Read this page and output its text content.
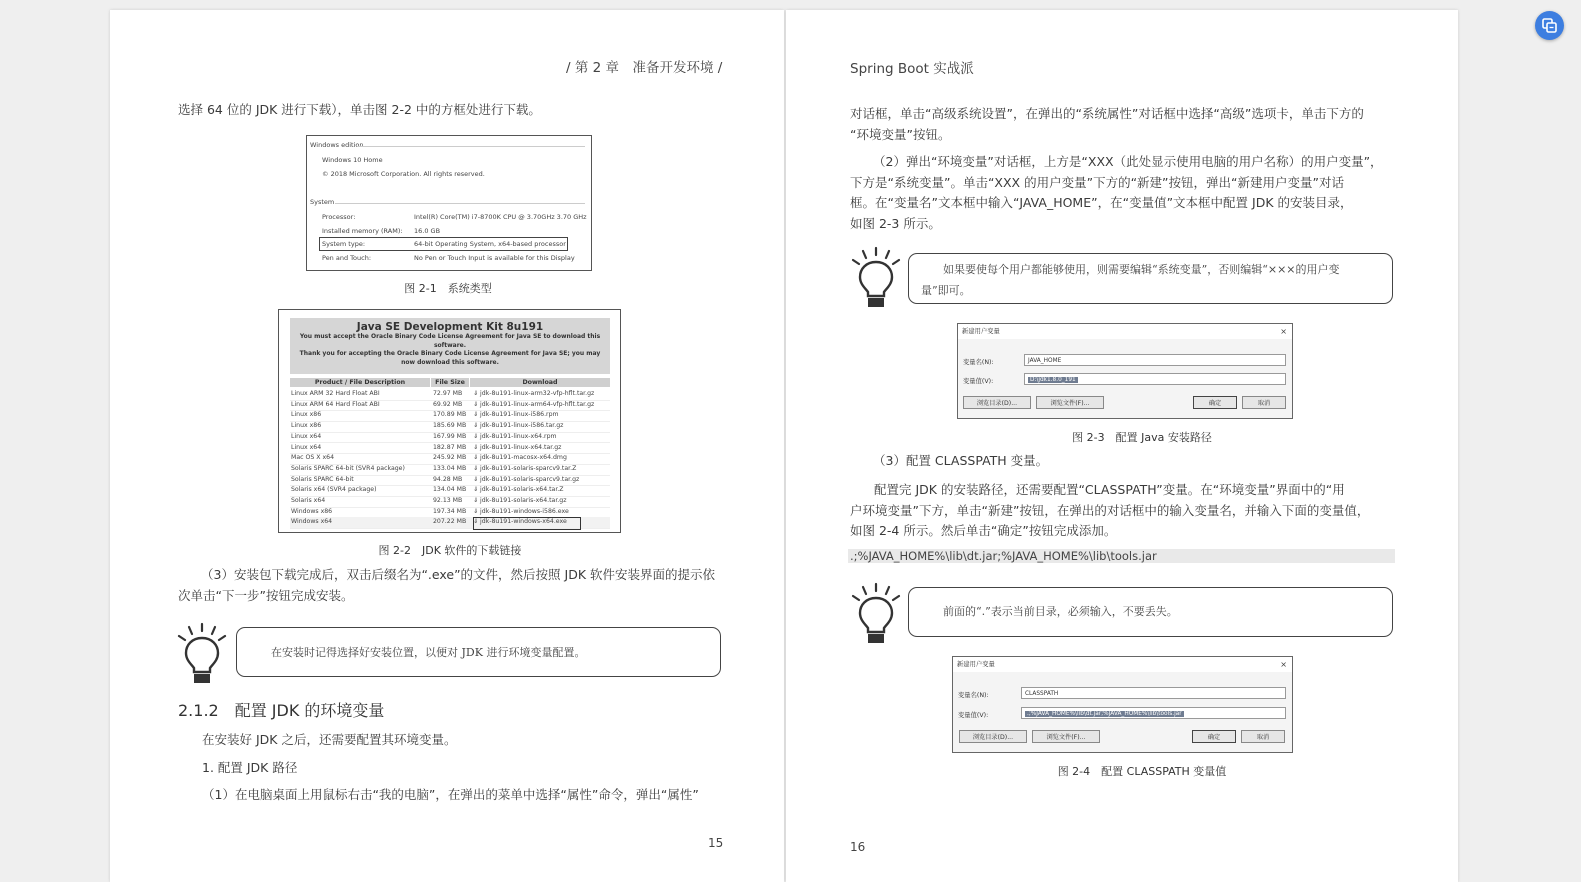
/ 第 2 章　准备开发环境 /
选择 64 位的 JDK 进行下载），单击图 2-2 中的方框处进行下载。
Windows edition
Windows 10 Home
© 2018 Microsoft Corporation. All rights reserved.
System
Processor:	Intel(R) Core(TM) i7-8700K CPU @ 3.70GHz 3.70 GHz
Installed memory (RAM): 16.0 GB
System type:	64-bit Operating System, x64-based processor
Pen and Touch:	No Pen or Touch Input is available for this Display
图 2-1　系统类型
Java SE Development Kit 8u191
You must accept the Oracle Binary Code License Agreement for Java SE to download this software.
Thank you for accepting the Oracle Binary Code License Agreement for Java SE; you may now download this software.
Product / File Description	File Size	Download
Linux ARM 32 Hard Float ABI	72.97 MB ⇓ jdk-8u191-linux-arm32-vfp-hflt.tar.gz
Linux ARM 64 Hard Float ABI	69.92 MB ⇓ jdk-8u191-linux-arm64-vfp-hflt.tar.gz
Linux x86	170.89 MB ⇓ jdk-8u191-linux-i586.rpm
Linux x86	185.69 MB ⇓ jdk-8u191-linux-i586.tar.gz
Linux x64	167.99 MB ⇓ jdk-8u191-linux-x64.rpm
Linux x64	182.87 MB ⇓ jdk-8u191-linux-x64.tar.gz
Mac OS X x64	245.92 MB ⇓ jdk-8u191-macosx-x64.dmg
Solaris SPARC 64-bit (SVR4 package)	133.04 MB ⇓ jdk-8u191-solaris-sparcv9.tar.Z
Solaris SPARC 64-bit	94.28 MB ⇓ jdk-8u191-solaris-sparcv9.tar.gz
Solaris x64 (SVR4 package)	134.04 MB ⇓ jdk-8u191-solaris-x64.tar.Z
Solaris x64	92.13 MB ⇓ jdk-8u191-solaris-x64.tar.gz
Windows x86	197.34 MB ⇓ jdk-8u191-windows-i586.exe
Windows x64	207.22 MB ⇓ jdk-8u191-windows-x64.exe
图 2-2　JDK 软件的下载链接
（3）安装包下载完成后，双击后缀名为“.exe”的文件，然后按照 JDK 软件安装界面的提示依
次单击“下一步”按钮完成安装。
在安装时记得选择好安装位置，以便对 JDK 进行环境变量配置。
2.1.2　配置 JDK 的环境变量
在安装好 JDK 之后，还需要配置其环境变量。
1. 配置 JDK 路径
（1）在电脑桌面上用鼠标右击“我的电脑”，在弹出的菜单中选择“属性”命令，弹出“属性”
15
Spring Boot 实战派
对话框，单击“高级系统设置”，在弹出的“系统属性”对话框中选择“高级”选项卡，单击下方的
“环境变量”按钮。
（2）弹出“环境变量”对话框，上方是“XXX（此处显示使用电脑的用户名称）的用户变量”，
下方是“系统变量”。单击“XXX 的用户变量”下方的“新建”按钮，弹出“新建用户变量”对话
框。在“变量名”文本框中输入“JAVA_HOME”，在“变量值”文本框中配置 JDK 的安装目录，
如图 2-3 所示。
如果要使每个用户都能够使用，则需要编辑“系统变量”，否则编辑“×××的用户变
量”即可。
新建用户变量	×
变量名(N):	JAVA_HOME
变量值(V):	D:\jdk1.8.0_191
浏览目录(D)...	浏览文件(F)...	确定	取消
图 2-3　配置 Java 安装路径
（3）配置 CLASSPATH 变量。
配置完 JDK 的安装路径，还需要配置“CLASSPATH”变量。在“环境变量”界面中的“用
户环境变量”下方，单击“新建”按钮，在弹出的对话框中的输入变量名，并输入下面的变量值，
如图 2-4 所示。然后单击“确定”按钮完成添加。
.;%JAVA_HOME%\lib\dt.jar;%JAVA_HOME%\lib\tools.jar
前面的“.”表示当前目录，必须输入，不要丢失。
新建用户变量	×
变量名(N):	CLASSPATH
变量值(V):	.;%JAVA_HOME%\lib\dt.jar;%JAVA_HOME%\lib\tools.jar
浏览目录(D)...	浏览文件(F)...	确定	取消
图 2-4　配置 CLASSPATH 变量值
16
